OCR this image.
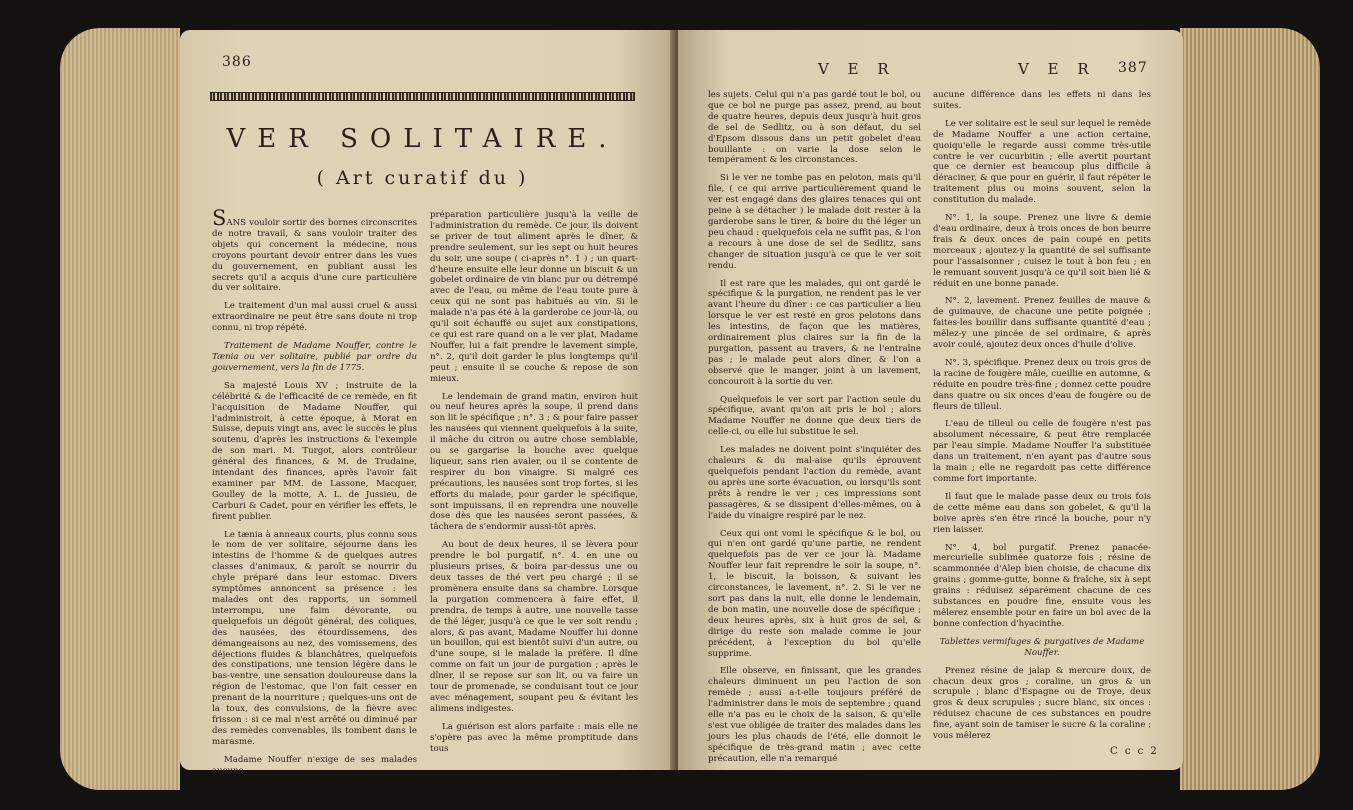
386
VER SOLITAIRE.
( Art curatif du )

SANS vouloir sortir des bornes circonscrites de notre travail, & sans vouloir traiter des objets qui concernent la médecine, nous croyons pourtant devoir entrer dans les vues du gouvernement, en publiant aussi les secrets qu'il a acquis d'une cure particulière du ver solitaire.

Le traitement d'un mal aussi cruel & aussi extraordinaire ne peut être sans doute ni trop connu, ni trop répété.

Traitement de Madame Nouffer, contre le Tænia ou ver solitaire, publié par ordre du gouvernement, vers la fin de 1775.

Sa majesté Louis XV ; instruite de la célébrité & de l'efficacité de ce remède, en fit l'acquisition de Madame Nouffer, qui l'administroit, à cette époque, à Morat en Suisse, depuis vingt ans, avec le succès le plus soutenu, d'après les instructions & l'exemple de son mari. M. Turgot, alors contrôleur général des finances, & M. de Trudaine, intendant des finances, après l'avoir fait examiner par MM. de Lassone, Macquer, Goulley de la motte, A. L. de Jussieu, de Carburi & Cadet, pour en vérifier les effets, le firent publier.

Le tænia à anneaux courts, plus connu sous le nom de ver solitaire, séjourne dans les intestins de l'homme & de quelques autres classes d'animaux, & paroît se nourrir du chyle préparé dans leur estomac. Divers symptômes annoncent sa présence : les malades ont des rapports, un sommeil interrompu, une faim dévorante, ou quelquefois un dégoût général, des coliques, des nausées, des étourdissemens, des démangeaisons au nez, des vomissemens, des déjections fluides & blanchâtres, quelquefois des constipations, une tension légère dans le bas-ventre, une sensation douloureuse dans la région de l'estomac, que l'on fait cesser en prenant de la nourriture ; quelques-uns ont de la toux, des convulsions, de la fièvre avec frisson : si ce mal n'est arrêté ou diminué par des remèdes convenables, ils tombent dans le marasme.

Madame Nouffer n'exige de ses malades aucune

préparation particulière jusqu'à la veille de l'administration du remède. Ce jour, ils doivent se priver de tout aliment après le dîner, & prendre seulement, sur les sept ou huit heures du soir, une soupe ( ci-après n°. 1 ) ; un quart-d'heure ensuite elle leur donne un biscuit & un gobelet ordinaire de vin blanc pur ou détrempé avec de l'eau, ou même de l'eau toute pure à ceux qui ne sont pas habitués au vin. Si le malade n'a pas été à la garderobe ce jour-là, ou qu'il soit échauffé ou sujet aux constipations, ce qui est rare quand on a le ver plat, Madame Nouffer, lui a fait prendre le lavement simple, n°. 2, qu'il doit garder le plus longtemps qu'il peut ; ensuite il se couche & repose de son mieux.

Le lendemain de grand matin, environ huit ou neuf heures après la soupe, il prend dans son lit le spécifique ; n°. 3 ; & pour faire passer les nausées qui viennent quelquefois à la suite, il mâche du citron ou autre chose semblable, ou se gargarise la bouche avec quelque liqueur, sans rien avaler, ou il se contente de respirer du bon vinaigre. Si malgré ces précautions, les nausées sont trop fortes, si les efforts du malade, pour garder le spécifique, sont impuissans, il en reprendra une nouvelle dose dès que les nausées seront passées, & tâchera de s'endormir aussi-tôt après.

Au bout de deux heures, il se lèvera pour prendre le bol purgatif, n°. 4. en une ou plusieurs prises, & boira par-dessus une ou deux tasses de thé vert peu chargé ; il se promènera ensuite dans sa chambre. Lorsque la purgation commencera à faire effet, il prendra, de temps à autre, une nouvelle tasse de thé léger, jusqu'à ce que le ver soit rendu ; alors, & pas avant, Madame Nouffer lui donne un bouillon, qui est bientôt suivi d'un autre, ou d'une soupe, si le malade la préfère. Il dîne comme on fait un jour de purgation ; après le dîner, il se repose sur son lit, ou va faire un tour de promenade, se conduisant tout ce jour avec ménagement, soupant peu & évitant les alimens indigestes.

La guérison est alors parfaite : mais elle ne s'opère pas avec la même promptitude dans tous

V E R	V E R 387

les sujets. Celui qui n'a pas gardé tout le bol, ou que ce bol ne purge pas assez, prend, au bout de quatre heures, depuis deux jusqu'à huit gros de sel de Sedlitz, ou à son défaut, du sel d'Epsom dissous dans un petit gobelet d'eau bouillante : on varie la dose selon le tempérament & les circonstances.

Si le ver ne tombe pas en peloton, mais qu'il file, ( ce qui arrive particulièrement quand le ver est engagé dans des glaires tenaces qui ont peine à se détacher ) le malade doit rester à la garderobe sans le tirer, & boire du thé léger un peu chaud : quelquefois cela ne suffit pas, & l'on a recours à une dose de sel de Sedlitz, sans changer de situation jusqu'à ce que le ver soit rendu.

Il est rare que les malades, qui ont gardé le spécifique & la purgation, ne rendent pas le ver avant l'heure du dîner : ce cas particulier a lieu lorsque le ver est resté en gros pelotons dans les intestins, de façon que les matières, ordinairement plus claires sur la fin de la purgation, passent au travers, & ne l'entraîne pas ; le malade peut alors dîner, & l'on a observé que le manger, joint à un lavement, concouroit à la sortie du ver.

Quelquefois le ver sort par l'action seule du spécifique, avant qu'on ait pris le bol ; alors Madame Nouffer ne donne que deux tiers de celle-ci, ou elle lui substitue le sel.

Les malades ne doivent point s'inquiéter des chaleurs & du mal-aise qu'ils éprouvent quelquefois pendant l'action du remède, avant ou après une sorte évacuation, ou lorsqu'ils sont prêts à rendre le ver ; ces impressions sont passagères, & se dissipent d'elles-mêmes, ou à l'aide du vinaigre respiré par le nez.

Ceux qui ont vomi le spécifique & le bol, ou qui n'en ont gardé qu'une partie, ne rendent quelquefois pas de ver ce jour là. Madame Nouffer leur fait reprendre le soir la soupe, n°. 1, le biscuit, la boisson, & suivant les circonstances, le lavement, n°. 2. Si le ver ne sort pas dans la nuit, elle donne le lendemain, de bon matin, une nouvelle dose de spécifique ; deux heures après, six à huit gros de sel, & dirige du reste son malade comme le jour précédent, à l'exception du bol qu'elle supprime.

Elle observe, en finissant, que les grandes chaleurs diminuent un peu l'action de son remède ; aussi a-t-elle toujours préféré de l'administrer dans le mois de septembre ; quand elle n'a pas eu le choix de la saison, & qu'elle s'est vue obligée de traiter des malades dans les jours les plus chauds de l'été, elle donnoit le spécifique de très-grand matin ; avec cette précaution, elle n'a remarqué

aucune différence dans les effets ni dans les suites.

Le ver solitaire est le seul sur lequel le remède de Madame Nouffer a une action certaine, quoiqu'elle le regarde aussi comme très-utile contre le ver cucurbitin ; elle avertit pourtant que ce dernier est beaucoup plus difficile à déraciner, & que pour en guérir, il faut répéter le traitement plus ou moins souvent, selon la constitution du malade.

N°. 1, la soupe. Prenez une livre & demie d'eau ordinaire, deux à trois onces de bon beurre frais & deux onces de pain coupé en petits morceaux ; ajoutez-y la quantité de sel suffisante pour l'assaisonner ; cuisez le tout à bon feu ; en le remuant souvent jusqu'à ce qu'il soit bien lié & réduit en une bonne panade.

N°. 2, lavement. Prenez feuilles de mauve & de guimauve, de chacune une petite poignée ; faites-les bouillir dans suffisante quantité d'eau ; mêlez-y une pincée de sel ordinaire, & après avoir coulé, ajoutez deux onces d'huile d'olive.

N°. 3, spécifique. Prenez deux ou trois gros de la racine de fougère mâle, cueillie en automne, & réduite en poudre très-fine ; donnez cette poudre dans quatre ou six onces d'eau de fougère ou de fleurs de tilleul.

L'eau de tilleul ou celle de fougère n'est pas absolument nécessaire, & peut être remplacée par l'eau simple. Madame Nouffer l'a substituée dans un traitement, n'en ayant pas d'autre sous la main ; elle ne regardoit pas cette différence comme fort importante.

Il faut que le malade passe deux ou trois fois de cette même eau dans son gobelet, & qu'il la boive après s'en être rincé la bouche, pour n'y rien laisser.

N°. 4, bol purgatif. Prenez panacée-mercurielle sublimée quatorze fois ; résine de scammonnée d'Alep bien choisie, de chacune dix grains ; gomme-gutte, bonne & fraîche, six à sept grains : réduisez séparément chacune de ces substances en poudre fine, ensuite vous les mêlerez ensemble pour en faire un bol avec de la bonne confection d'hyacinthe.

Tablettes vermifuges & purgatives de Madame Nouffer.

Prenez résine de jalap & mercure doux, de chacun deux gros ; coraline, un gros & un scrupule ; blanc d'Espagne ou de Troye, deux gros & deux scrupules ; sucre blanc, six onces : réduisez chacune de ces substances en poudre fine, ayant soin de tamiser le sucre & la coraline ; vous mêlerez

C c c 2
